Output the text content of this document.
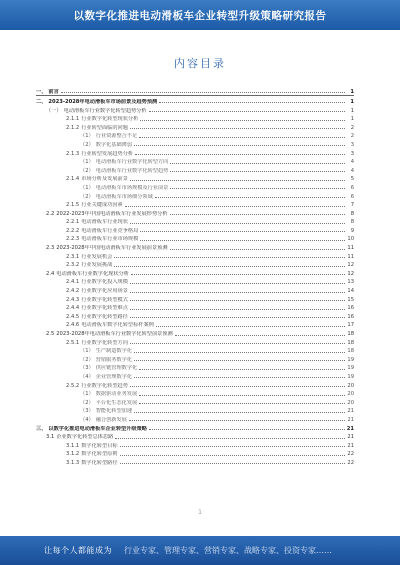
以数字化推进电动滑板车企业转型升级策略研究报告
内容目录
一、 前言	1
二、 2023-2028年电动滑板车市场前景及趋势预测	1
（一） 电动滑板车行业数字化转型趋势分析	1
2.1.1 行业数字化转型现状分析	1
2.1.2 行业转型面临的问题	2
（1） 行业资源整合不足	2
（2） 数字化基础薄弱	3
2.1.3 行业转型发展趋势分析	3
（1） 电动滑板车行业数字化转型方向	4
（2） 电动滑板车行业数字化转型趋势	4
2.1.4 市场分析及发展前景	5
（1） 电动滑板车市场规模及行业前景	6
（2） 电动滑板车市场细分领域	6
2.1.5 行业关键成功因素	7
2.2 2022-2023年中国电动滑板车行业发展形势分析	8
2.2.1 电动滑板车行业现状	8
2.2.2 电动滑板车行业竞争格局	9
2.2.3 电动滑板车行业市场规模	10
2.3 2023-2028年中国电动滑板车行业发展前景预测	11
2.3.1 行业发展机会	11
2.3.2 行业发展挑战	12
2.4 电动滑板车行业数字化现状分析	12
2.4.1 行业数字化投入规模	13
2.4.2 行业数字化应用场景	14
2.4.3 行业数字化转型模式	15
2.4.4 行业数字化转型难点	16
2.4.5 行业数字化转型路径	16
2.4.6 电动滑板车数字化转型标杆案例	17
2.5 2023-2028年电动滑板车行业数字化转型前景预测	18
2.5.1 行业数字化转型方向	18
（1） 生产制造数字化	18
（2） 营销服务数字化	19
（3） 供应链管理数字化	19
（4） 企业管理数字化	19
2.5.2 行业数字化转型趋势	20
（1） 数据驱动业务发展	20
（2） 平台化生态化发展	20
（3） 智能化转型加速	21
（4） 融合创新发展	21
三、 以数字化推进电动滑板车企业转型升级策略	21
3.1 企业数字化转型总体思路	21
3.1.1 数字化转型目标	21
3.1.2 数字化转型原则	22
3.1.3 数字化转型路径	22
1
让每个人都能成为 行业专家、管理专家、营销专家、战略专家、投资专家……
